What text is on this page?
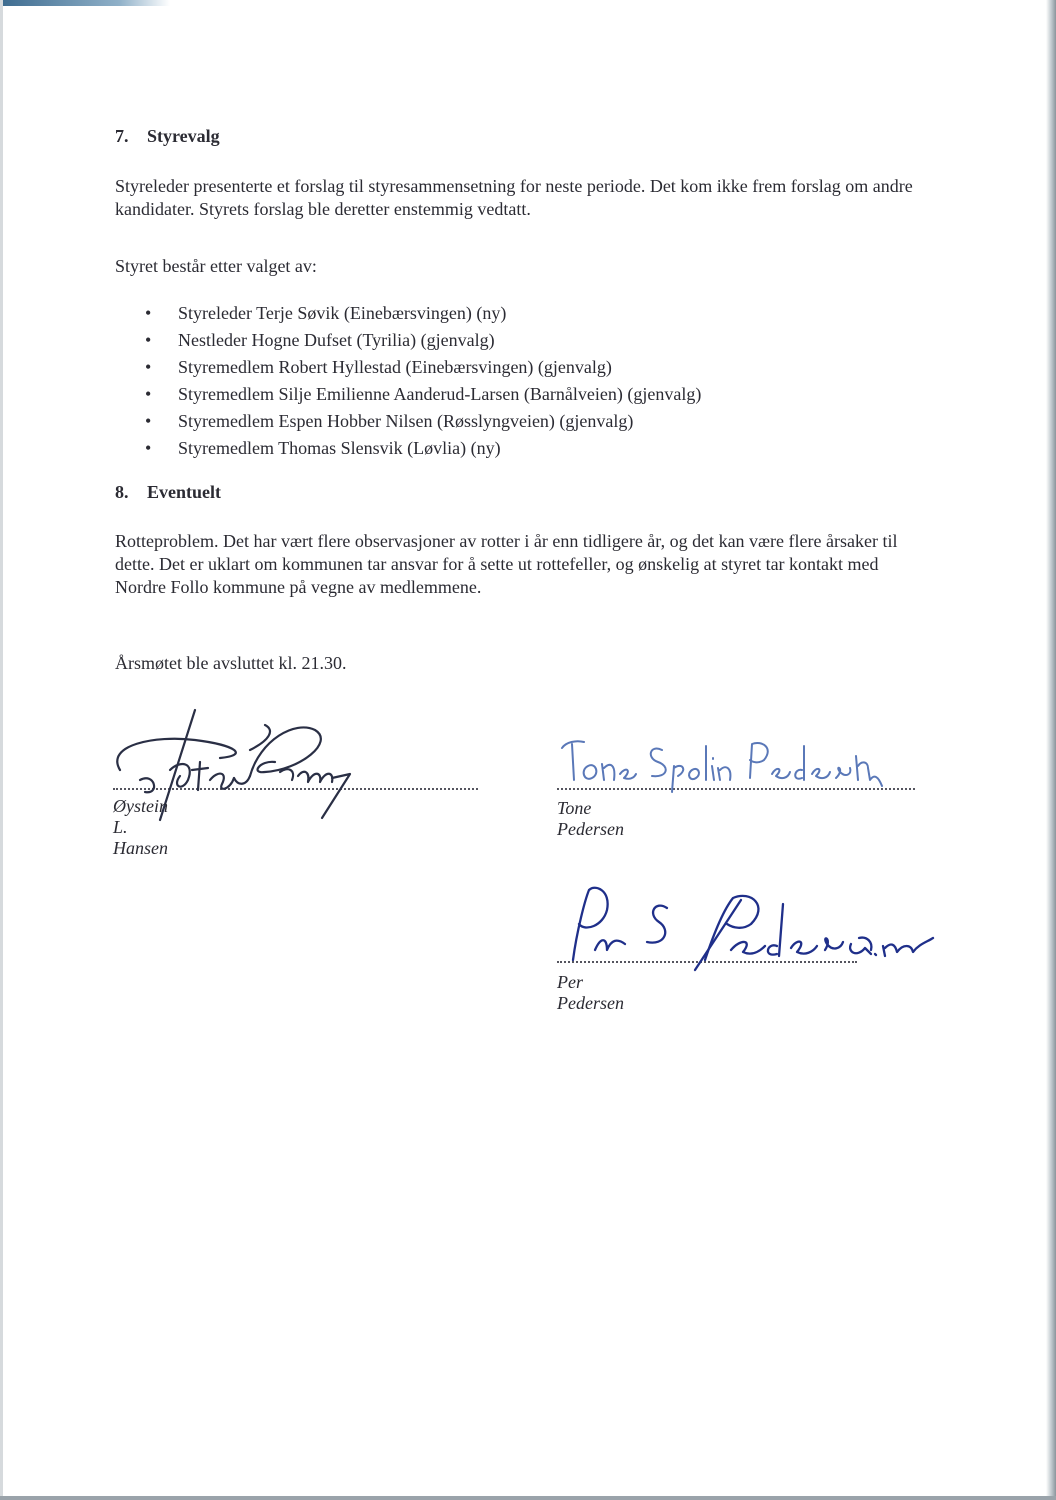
7. Styrevalg

Styreleder presenterte et forslag til styresammensetning for neste periode. Det kom ikke frem forslag om andre kandidater. Styrets forslag ble deretter enstemmig vedtatt.

Styret består etter valget av:

• Styreleder Terje Søvik (Einebærsvingen) (ny)
• Nestleder Hogne Dufset (Tyrilia) (gjenvalg)
• Styremedlem Robert Hyllestad (Einebærsvingen) (gjenvalg)
• Styremedlem Silje Emilienne Aanderud-Larsen (Barnålveien) (gjenvalg)
• Styremedlem Espen Hobber Nilsen (Røsslyngveien) (gjenvalg)
• Styremedlem Thomas Slensvik (Løvlia) (ny)
8. Eventuelt

Rotteproblem. Det har vært flere observasjoner av rotter i år enn tidligere år, og det kan være flere årsaker til dette. Det er uklart om kommunen tar ansvar for å sette ut rottefeller, og ønskelig at styret tar kontakt med Nordre Follo kommune på vegne av medlemmene.

Årsmøtet ble avsluttet kl. 21.30.

Øystein L. Hansen
Tone Pedersen
Per Pedersen
